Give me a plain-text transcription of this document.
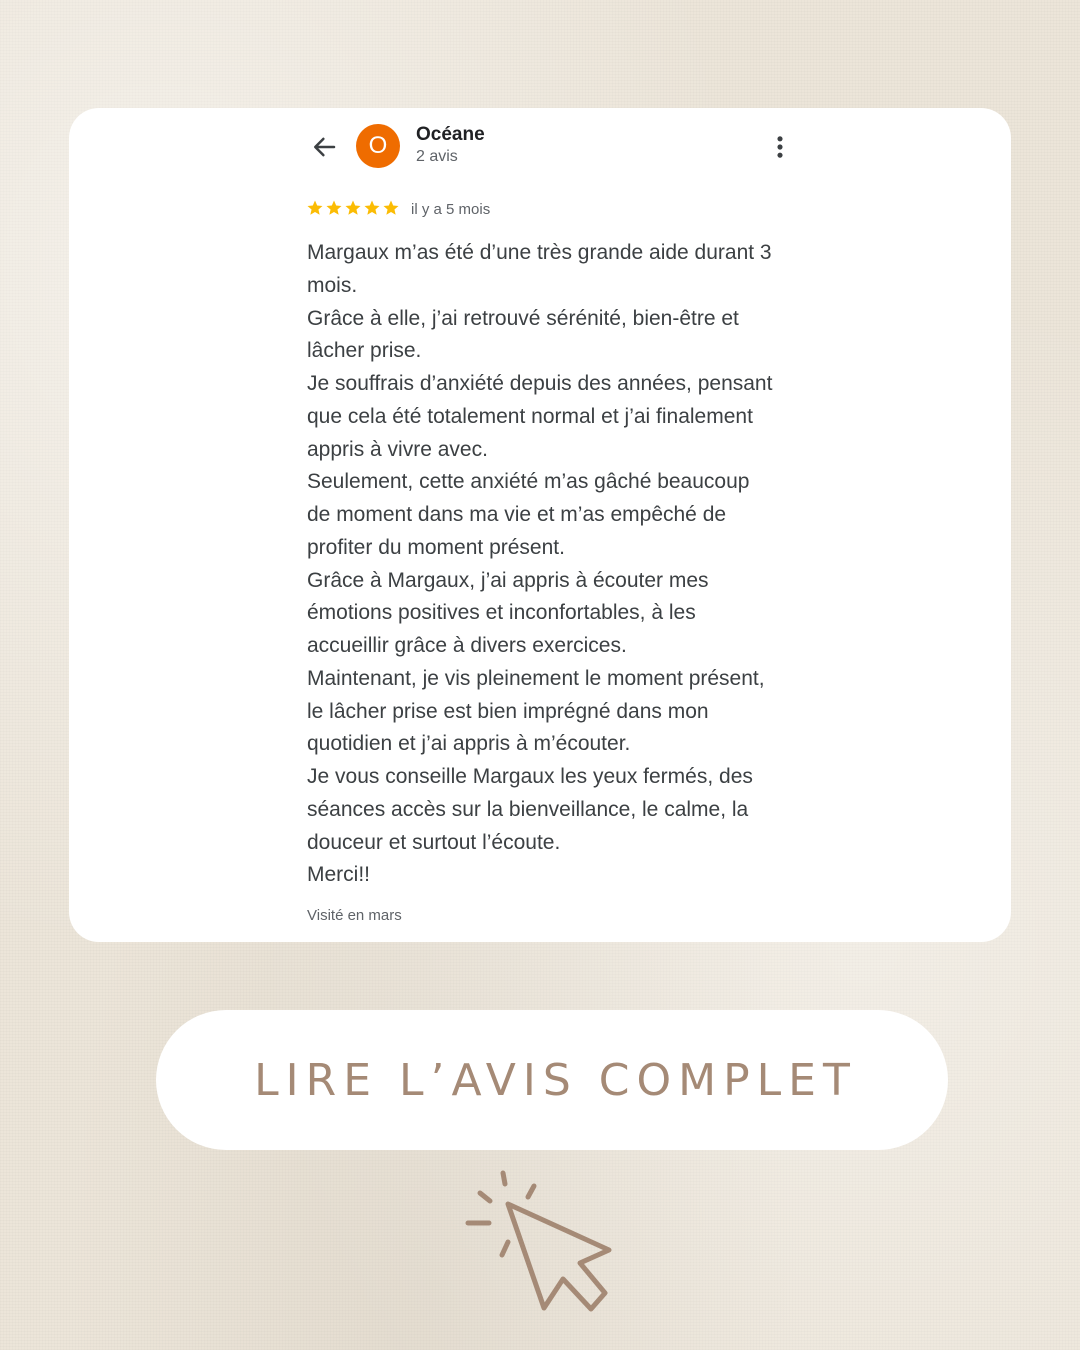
O	Océane
2 avis
il y a 5 mois
Margaux m’as été d’une très grande aide durant 3
mois.
Grâce à elle, j’ai retrouvé sérénité, bien-être et
lâcher prise.
Je souffrais d’anxiété depuis des années, pensant
que cela été totalement normal et j’ai finalement
appris à vivre avec.
Seulement, cette anxiété m’as gâché beaucoup
de moment dans ma vie et m’as empêché de
profiter du moment présent.
Grâce à Margaux, j’ai appris à écouter mes
émotions positives et inconfortables, à les
accueillir grâce à divers exercices.
Maintenant, je vis pleinement le moment présent,
le lâcher prise est bien imprégné dans mon
quotidien et j’ai appris à m’écouter.
Je vous conseille Margaux les yeux fermés, des
séances accès sur la bienveillance, le calme, la
douceur et surtout l’écoute.
Merci!!
Visité en mars
LIRE L’AVIS COMPLET
